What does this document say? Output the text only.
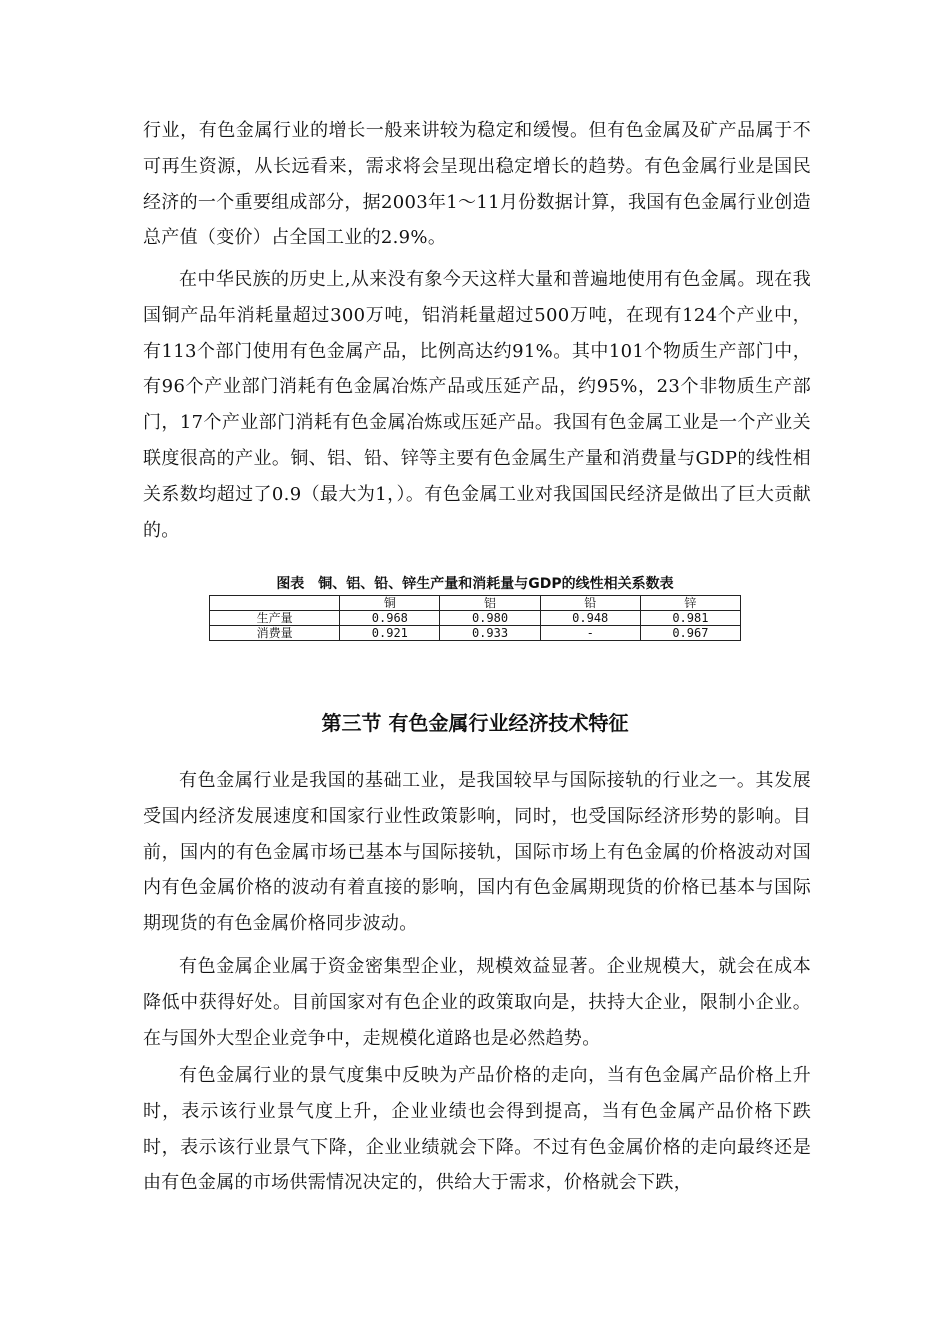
行业，有色金属行业的增长一般来讲较为稳定和缓慢。但有色金属及矿产品属于不可再生资源，从长远看来，需求将会呈现出稳定增长的趋势。有色金属行业是国民经济的一个重要组成部分，据2003年1～11月份数据计算，我国有色金属行业创造总产值（变价）占全国工业的2.9%。

在中华民族的历史上,从来没有象今天这样大量和普遍地使用有色金属。现在我国铜产品年消耗量超过300万吨，铝消耗量超过500万吨，在现有124个产业中，有113个部门使用有色金属产品，比例高达约91%。其中101个物质生产部门中，有96个产业部门消耗有色金属冶炼产品或压延产品，约95%，23个非物质生产部门，17个产业部门消耗有色金属冶炼或压延产品。我国有色金属工业是一个产业关联度很高的产业。铜、铝、铅、锌等主要有色金属生产量和消费量与GDP的线性相关系数均超过了0.9（最大为1，）。有色金属工业对我国国民经济是做出了巨大贡献的。

图表　铜、铝、铅、锌生产量和消耗量与GDP的线性相关系数表
	铜	铝	铅	锌
生产量	0.968	0.980	0.948	0.981
消费量	0.921	0.933	-	0.967
第三节 有色金属行业经济技术特征

有色金属行业是我国的基础工业，是我国较早与国际接轨的行业之一。其发展受国内经济发展速度和国家行业性政策影响，同时，也受国际经济形势的影响。目前，国内的有色金属市场已基本与国际接轨，国际市场上有色金属的价格波动对国内有色金属价格的波动有着直接的影响，国内有色金属期现货的价格已基本与国际期现货的有色金属价格同步波动。

有色金属企业属于资金密集型企业，规模效益显著。企业规模大，就会在成本降低中获得好处。目前国家对有色企业的政策取向是，扶持大企业，限制小企业。在与国外大型企业竞争中，走规模化道路也是必然趋势。

有色金属行业的景气度集中反映为产品价格的走向，当有色金属产品价格上升时，表示该行业景气度上升，企业业绩也会得到提高，当有色金属产品价格下跌时，表示该行业景气下降，企业业绩就会下降。不过有色金属价格的走向最终还是由有色金属的市场供需情况决定的，供给大于需求，价格就会下跌，
